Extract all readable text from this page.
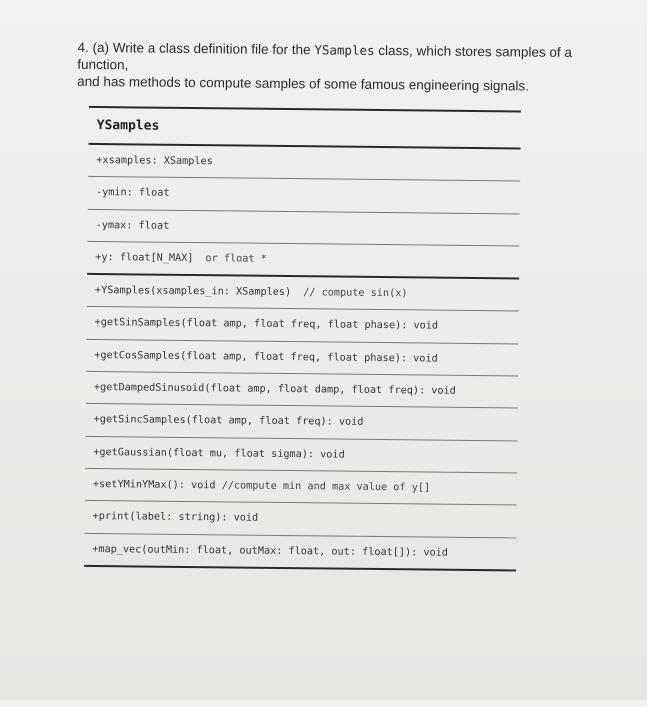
4. (a) Write a class definition file for the YSamples class, which stores samples of a function,
and has methods to compute samples of some famous engineering signals.
YSamples
+xsamples: XSamples
-ymin: float
-ymax: float
+y: float[N_MAX] or float *
+YSamples(xsamples_in: XSamples) // compute sin(x)
+getSinSamples(float amp, float freq, float phase): void
+getCosSamples(float amp, float freq, float phase): void
+getDampedSinusoid(float amp, float damp, float freq): void
+getSincSamples(float amp, float freq): void
+getGaussian(float mu, float sigma): void
+setYMinYMax(): void //compute min and max value of y[]
+print(label: string): void
+map_vec(outMin: float, outMax: float, out: float[]): void
